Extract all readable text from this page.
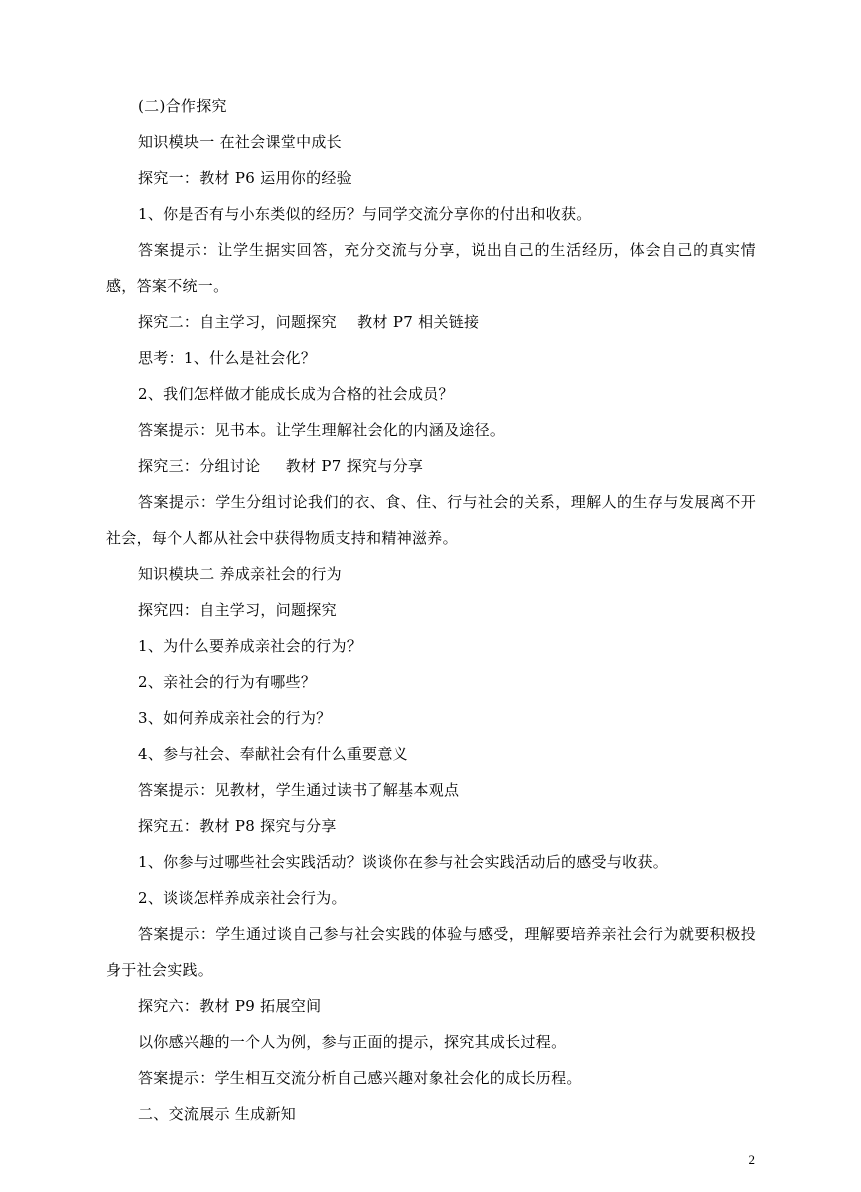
(二)合作探究

知识模块一 在社会课堂中成长

探究一：教材 P6 运用你的经验

1、你是否有与小东类似的经历？与同学交流分享你的付出和收获。

答案提示：让学生据实回答，充分交流与分享，说出自己的生活经历，体会自己的真实情感，答案不统一。

探究二：自主学习，问题探究    教材 P7 相关链接

思考：1、什么是社会化？

2、我们怎样做才能成长成为合格的社会成员？

答案提示：见书本。让学生理解社会化的内涵及途径。

探究三：分组讨论     教材 P7 探究与分享

答案提示：学生分组讨论我们的衣、食、住、行与社会的关系，理解人的生存与发展离不开社会，每个人都从社会中获得物质支持和精神滋养。

知识模块二 养成亲社会的行为

探究四：自主学习，问题探究

1、为什么要养成亲社会的行为？

2、亲社会的行为有哪些？

3、如何养成亲社会的行为？

4、参与社会、奉献社会有什么重要意义

答案提示：见教材，学生通过读书了解基本观点

探究五：教材 P8 探究与分享

1、你参与过哪些社会实践活动？谈谈你在参与社会实践活动后的感受与收获。

2、谈谈怎样养成亲社会行为。

答案提示：学生通过谈自己参与社会实践的体验与感受，理解要培养亲社会行为就要积极投身于社会实践。

探究六：教材 P9 拓展空间

以你感兴趣的一个人为例，参与正面的提示，探究其成长过程。

答案提示：学生相互交流分析自己感兴趣对象社会化的成长历程。

二、交流展示 生成新知

2
